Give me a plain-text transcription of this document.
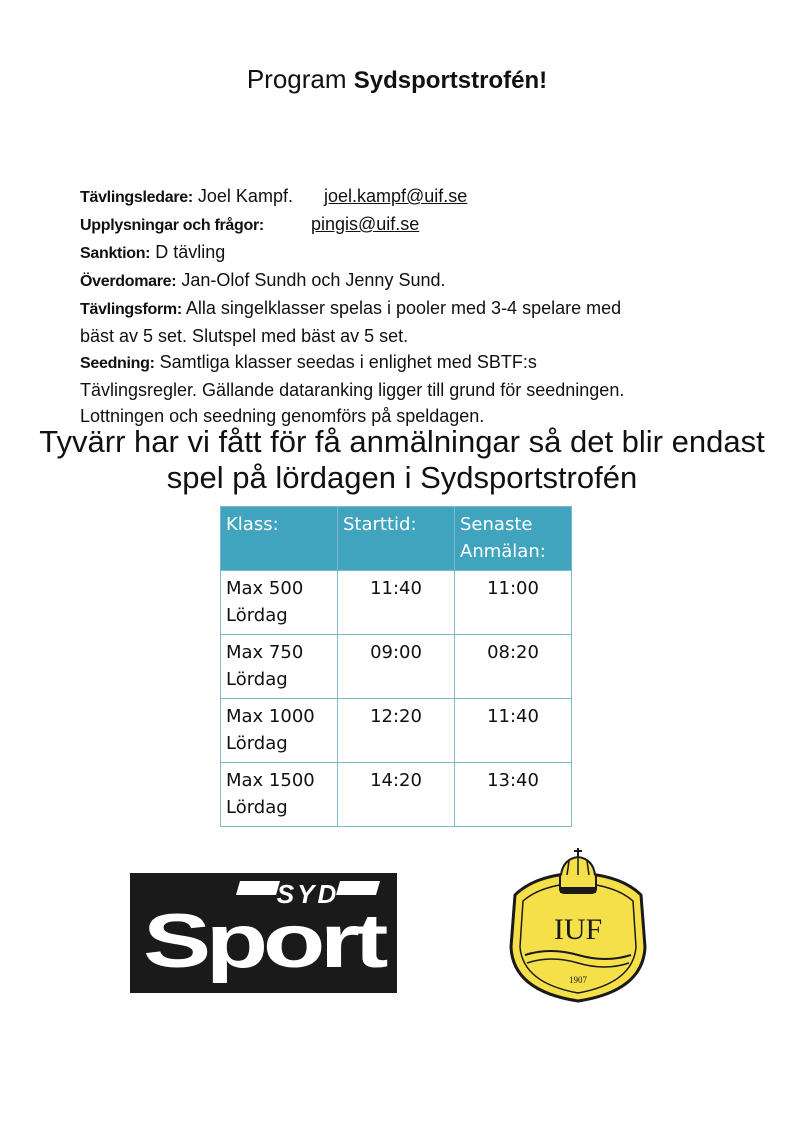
Program Sydsportstrofén!
Tävlingsledare: Joel Kampf. joel.kampf@uif.se
Upplysningar och frågor:	pingis@uif.se
Sanktion: D tävling
Överdomare: Jan-Olof Sundh och Jenny Sund.
Tävlingsform: Alla singelklasser spelas i pooler med 3-4 spelare med
bäst av 5 set. Slutspel med bäst av 5 set.
Seedning: Samtliga klasser seedas i enlighet med SBTF:s
Tävlingsregler. Gällande dataranking ligger till grund för seedningen.
Lottningen och seedning genomförs på speldagen.
Tyvärr har vi fått för få anmälningar så det blir endast
spel på lördagen i Sydsportstrofén
Klass:	Starttid:	Senaste
Anmälan:
Max 500
Lördag	11:40	11:00
Max 750
Lördag	09:00	08:20
Max 1000
Lördag	12:20	11:40
Max 1500
Lördag	14:20	13:40
SYD
Sport	IUF
1907
